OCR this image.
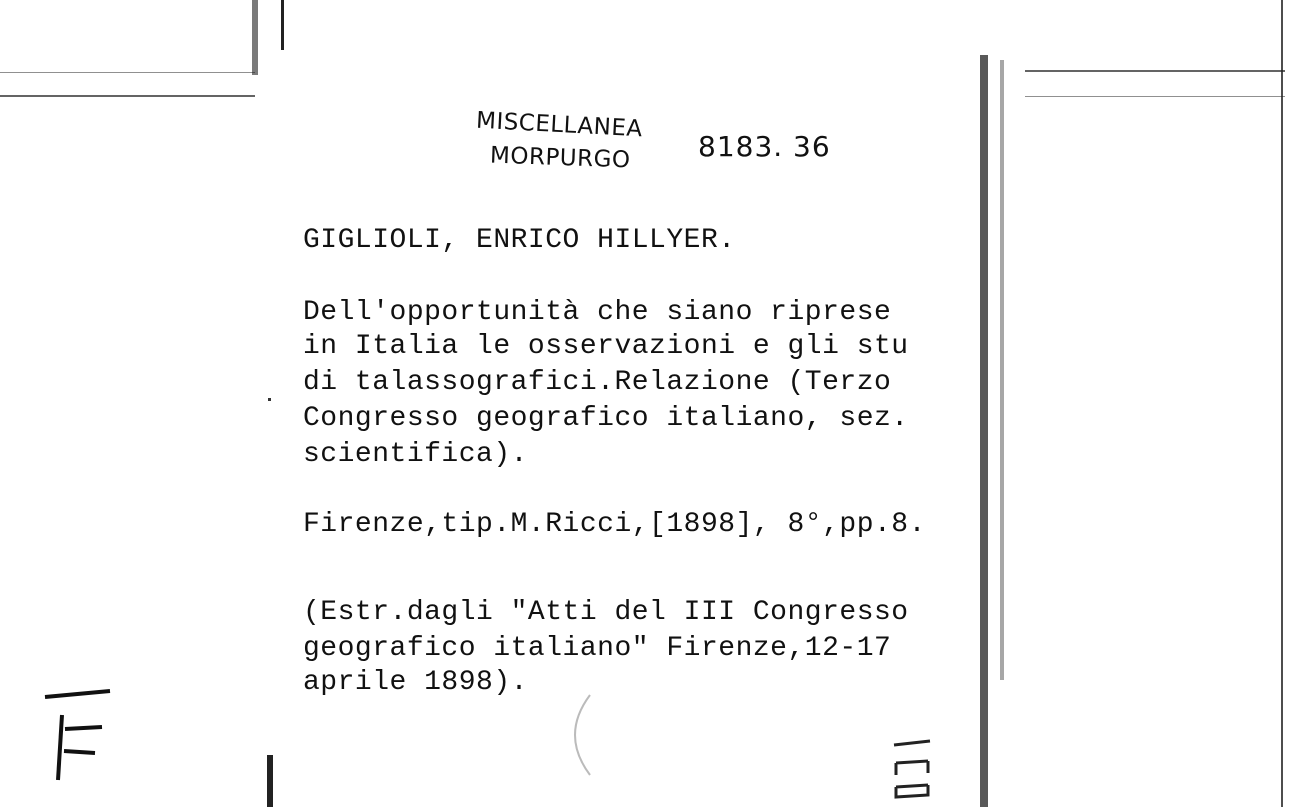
MISCELLANEA
MORPURGO 8183. 36
GIGLIOLI, ENRICO HILLYER.
Dell'opportunità che siano riprese
in Italia le osservazioni e gli stu
di talassografici.Relazione (Terzo
Congresso geografico italiano, sez.
scientifica).
Firenze,tip.M.Ricci,[1898], 8°,pp.8.
(Estr.dagli "Atti del III Congresso
geografico italiano" Firenze,12-17
aprile 1898).
